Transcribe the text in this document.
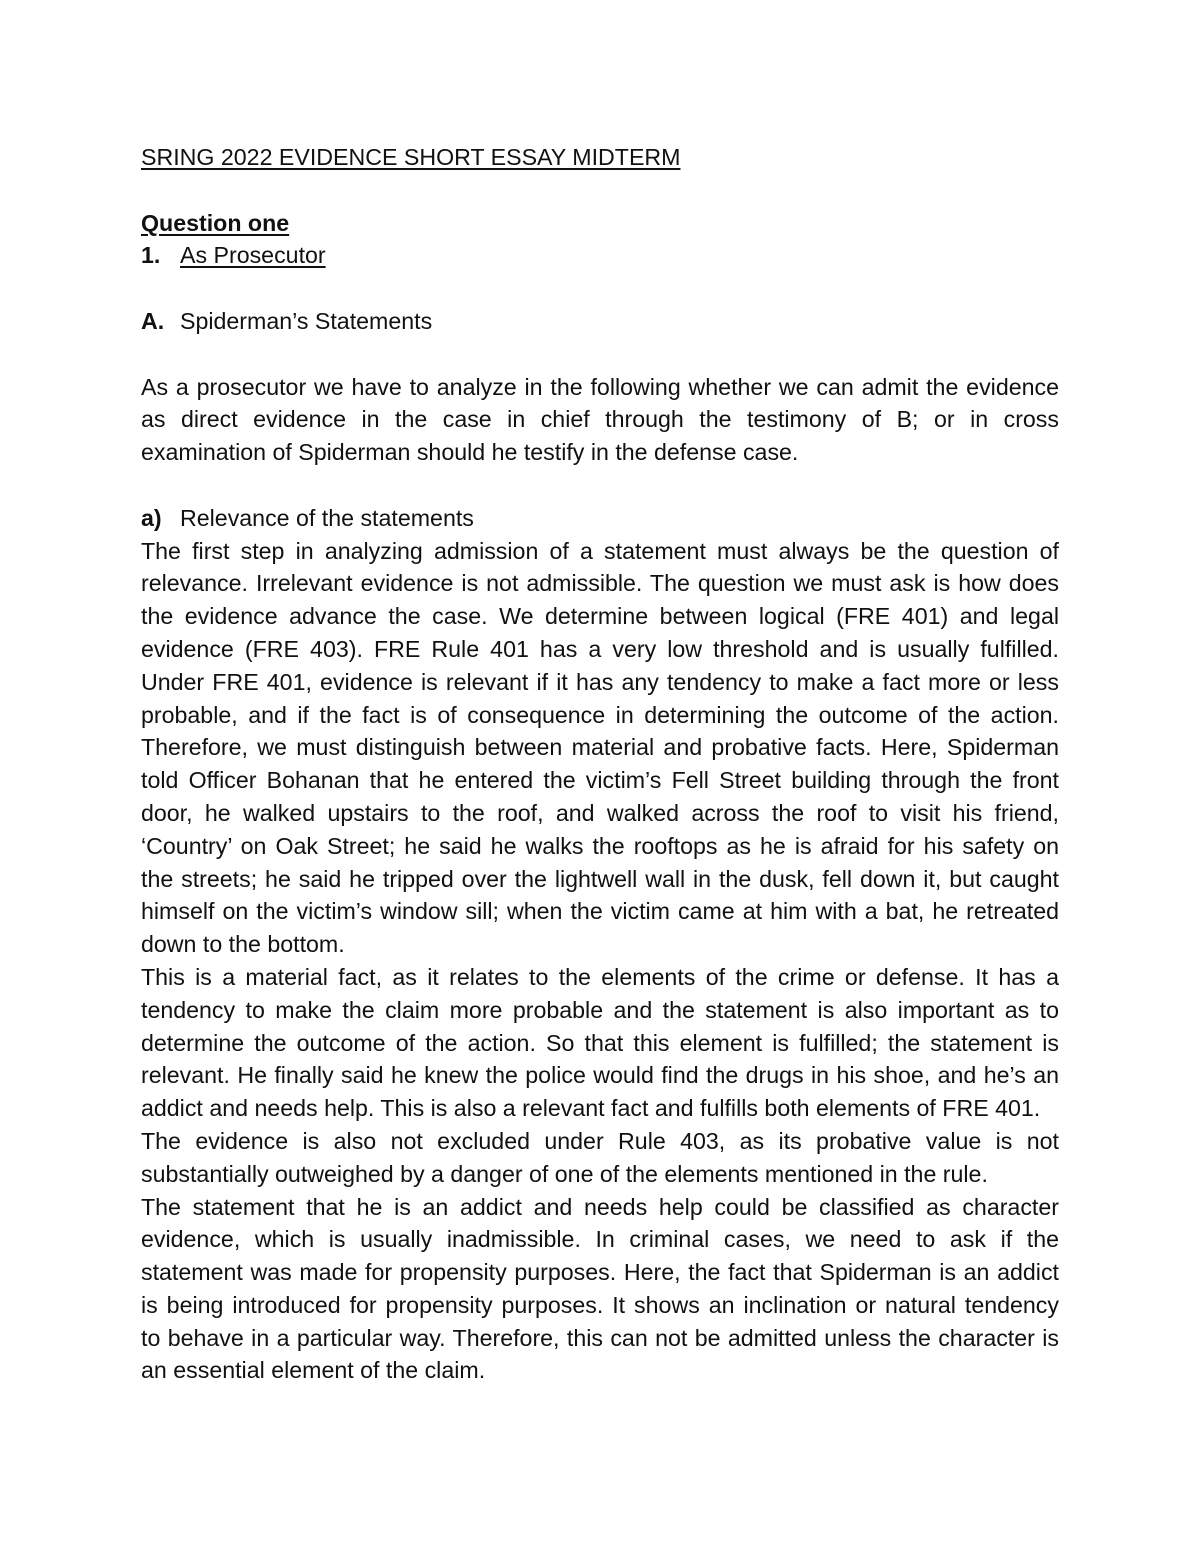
SRING 2022 EVIDENCE SHORT ESSAY MIDTERM
Question one
1. As Prosecutor
A. Spiderman’s Statements
As a prosecutor we have to analyze in the following whether we can admit the evidence
as direct evidence in the case in chief through the testimony of B; or in cross
examination of Spiderman should he testify in the defense case.
a) Relevance of the statements
The first step in analyzing admission of a statement must always be the question of
relevance. Irrelevant evidence is not admissible. The question we must ask is how does
the evidence advance the case. We determine between logical (FRE 401) and legal
evidence (FRE 403). FRE Rule 401 has a very low threshold and is usually fulfilled.
Under FRE 401, evidence is relevant if it has any tendency to make a fact more or less
probable, and if the fact is of consequence in determining the outcome of the action.
Therefore, we must distinguish between material and probative facts. Here, Spiderman
told Officer Bohanan that he entered the victim’s Fell Street building through the front
door, he walked upstairs to the roof, and walked across the roof to visit his friend,
‘Country’ on Oak Street; he said he walks the rooftops as he is afraid for his safety on
the streets; he said he tripped over the lightwell wall in the dusk, fell down it, but caught
himself on the victim’s window sill; when the victim came at him with a bat, he retreated
down to the bottom.
This is a material fact, as it relates to the elements of the crime or defense. It has a
tendency to make the claim more probable and the statement is also important as to
determine the outcome of the action. So that this element is fulfilled; the statement is
relevant. He finally said he knew the police would find the drugs in his shoe, and he’s an
addict and needs help. This is also a relevant fact and fulfills both elements of FRE 401.
The evidence is also not excluded under Rule 403, as its probative value is not
substantially outweighed by a danger of one of the elements mentioned in the rule.
The statement that he is an addict and needs help could be classified as character
evidence, which is usually inadmissible. In criminal cases, we need to ask if the
statement was made for propensity purposes. Here, the fact that Spiderman is an addict
is being introduced for propensity purposes. It shows an inclination or natural tendency
to behave in a particular way. Therefore, this can not be admitted unless the character is
an essential element of the claim.
